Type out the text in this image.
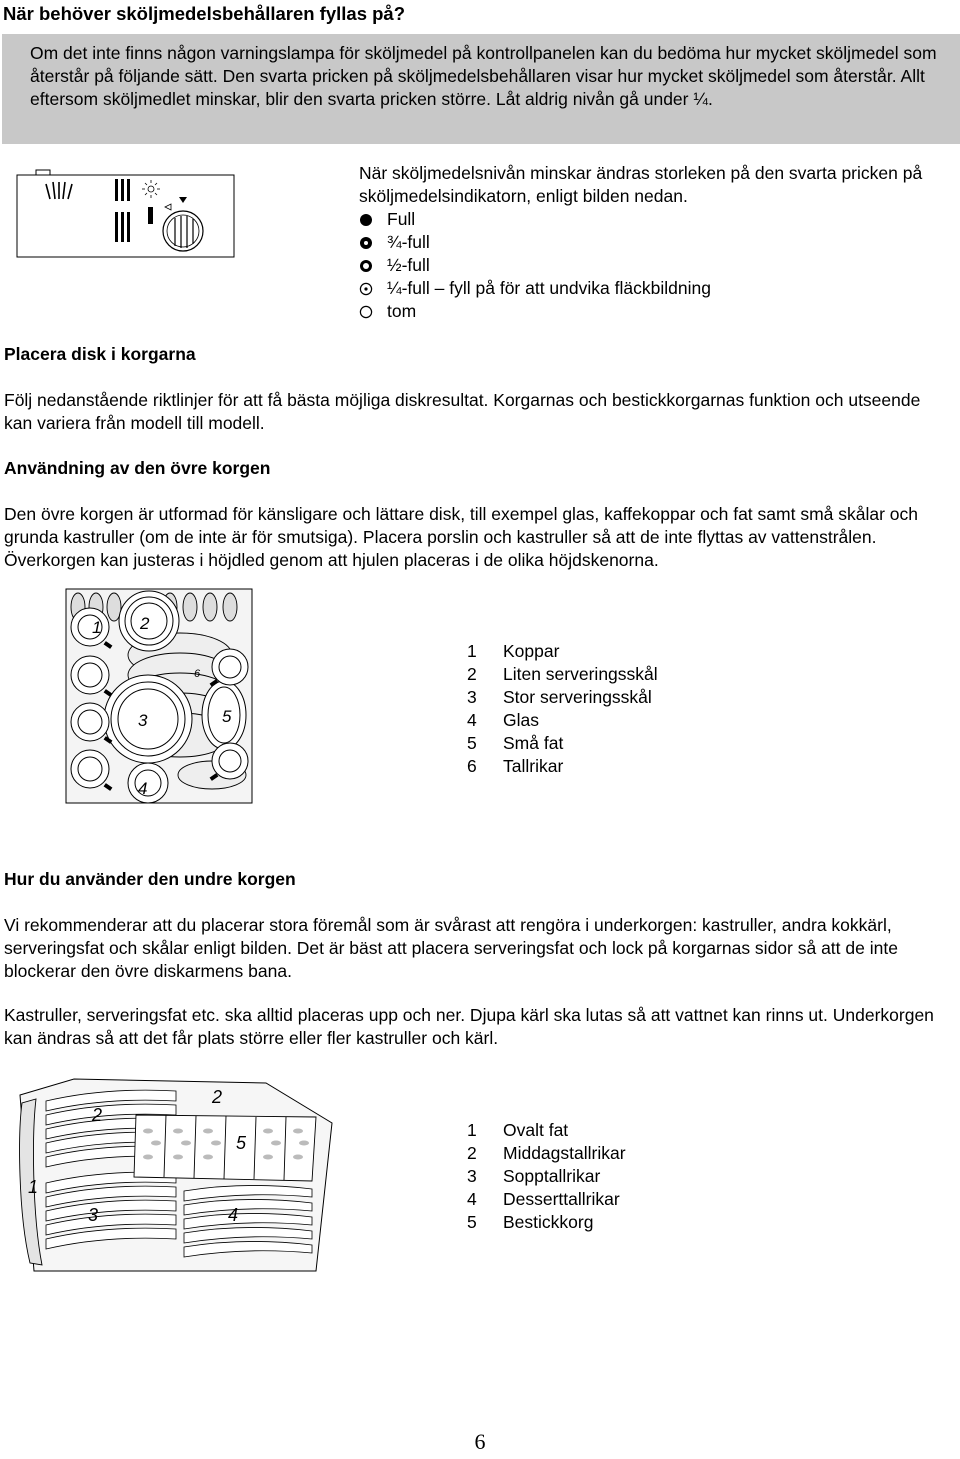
När behöver sköljmedelsbehållaren fyllas på?

Om det inte finns någon varningslampa för sköljmedel på kontrollpanelen kan du bedöma hur mycket sköljmedel som återstår på följande sätt. Den svarta pricken på sköljmedelsbehållaren visar hur mycket sköljmedel som återstår. Allt eftersom sköljmedlet minskar, blir den svarta pricken större. Låt aldrig nivån gå under ¼.

När sköljmedelsnivån minskar ändras storleken på den svarta pricken på sköljmedelsindikatorn, enligt bilden nedan.

Full
¾-full
½-full
¼-full – fyll på för att undvika fläckbildning
tom
Placera disk i korgarna

Följ nedanstående riktlinjer för att få bästa möjliga diskresultat. Korgarnas och bestickkorgarnas funktion och utseende kan variera från modell till modell.

Användning av den övre korgen

Den övre korgen är utformad för känsligare och lättare disk, till exempel glas, kaffekoppar och fat samt små skålar och grunda kastruller (om de inte är för smutsiga). Placera porslin och kastruller så att de inte flyttas av vattenstrålen. Överkorgen kan justeras i höjdled genom att hjulen placeras i de olika höjdskenorna.

1 2
3
4
5
6
1 Koppar
2 Liten serveringsskål
3 Stor serveringsskål
4 Glas
5 Små fat
6 Tallrikar
Hur du använder den undre korgen

Vi rekommenderar att du placerar stora föremål som är svårast att rengöra i underkorgen: kastruller, andra kokkärl, serveringsfat och skålar enligt bilden. Det är bäst att placera serveringsfat och lock på korgarnas sidor så att de inte blockerar den övre diskarmens bana.

Kastruller, serveringsfat etc. ska alltid placeras upp och ner. Djupa kärl ska lutas så att vattnet kan rinns ut. Underkorgen kan ändras så att det får plats större eller fler kastruller och kärl.

1
2
2
3	4
5
1 Ovalt fat
2 Middagstallrikar
3 Sopptallrikar
4 Desserttallrikar
5 Bestickkorg
6
